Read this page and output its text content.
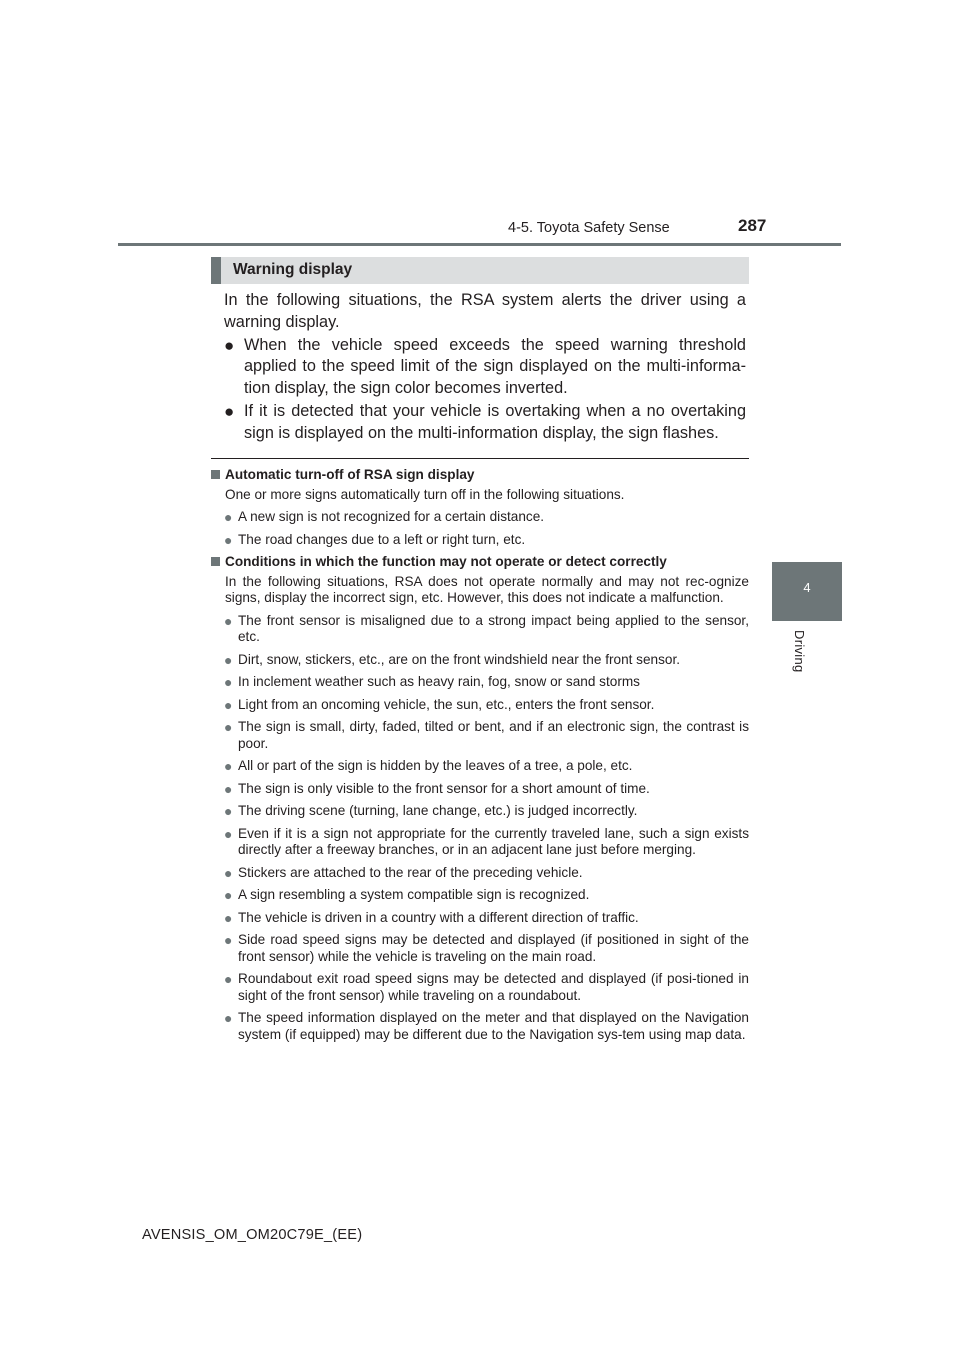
4-5. Toyota Safety Sense	287
4
Driving
Warning display

In the following situations, the RSA system alerts the driver using a warning display.

● When the vehicle speed exceeds the speed warning threshold applied to the speed limit of the sign displayed on the multi-informa-tion display, the sign color becomes inverted.
● If it is detected that your vehicle is overtaking when a no overtaking sign is displayed on the multi-information display, the sign flashes.
Automatic turn-off of RSA sign display
One or more signs automatically turn off in the following situations.
● A new sign is not recognized for a certain distance.
● The road changes due to a left or right turn, etc.
Conditions in which the function may not operate or detect correctly
In the following situations, RSA does not operate normally and may not rec-ognize signs, display the incorrect sign, etc. However, this does not indicate a malfunction.
● The front sensor is misaligned due to a strong impact being applied to the sensor, etc.
● Dirt, snow, stickers, etc., are on the front windshield near the front sensor.
● In inclement weather such as heavy rain, fog, snow or sand storms
● Light from an oncoming vehicle, the sun, etc., enters the front sensor.
● The sign is small, dirty, faded, tilted or bent, and if an electronic sign, the contrast is poor.
● All or part of the sign is hidden by the leaves of a tree, a pole, etc.
● The sign is only visible to the front sensor for a short amount of time.
● The driving scene (turning, lane change, etc.) is judged incorrectly.
● Even if it is a sign not appropriate for the currently traveled lane, such a sign exists directly after a freeway branches, or in an adjacent lane just before merging.
● Stickers are attached to the rear of the preceding vehicle.
● A sign resembling a system compatible sign is recognized.
● The vehicle is driven in a country with a different direction of traffic.
● Side road speed signs may be detected and displayed (if positioned in sight of the front sensor) while the vehicle is traveling on the main road.
● Roundabout exit road speed signs may be detected and displayed (if posi-tioned in sight of the front sensor) while traveling on a roundabout.
● The speed information displayed on the meter and that displayed on the Navigation system (if equipped) may be different due to the Navigation sys-tem using map data.
AVENSIS_OM_OM20C79E_(EE)
